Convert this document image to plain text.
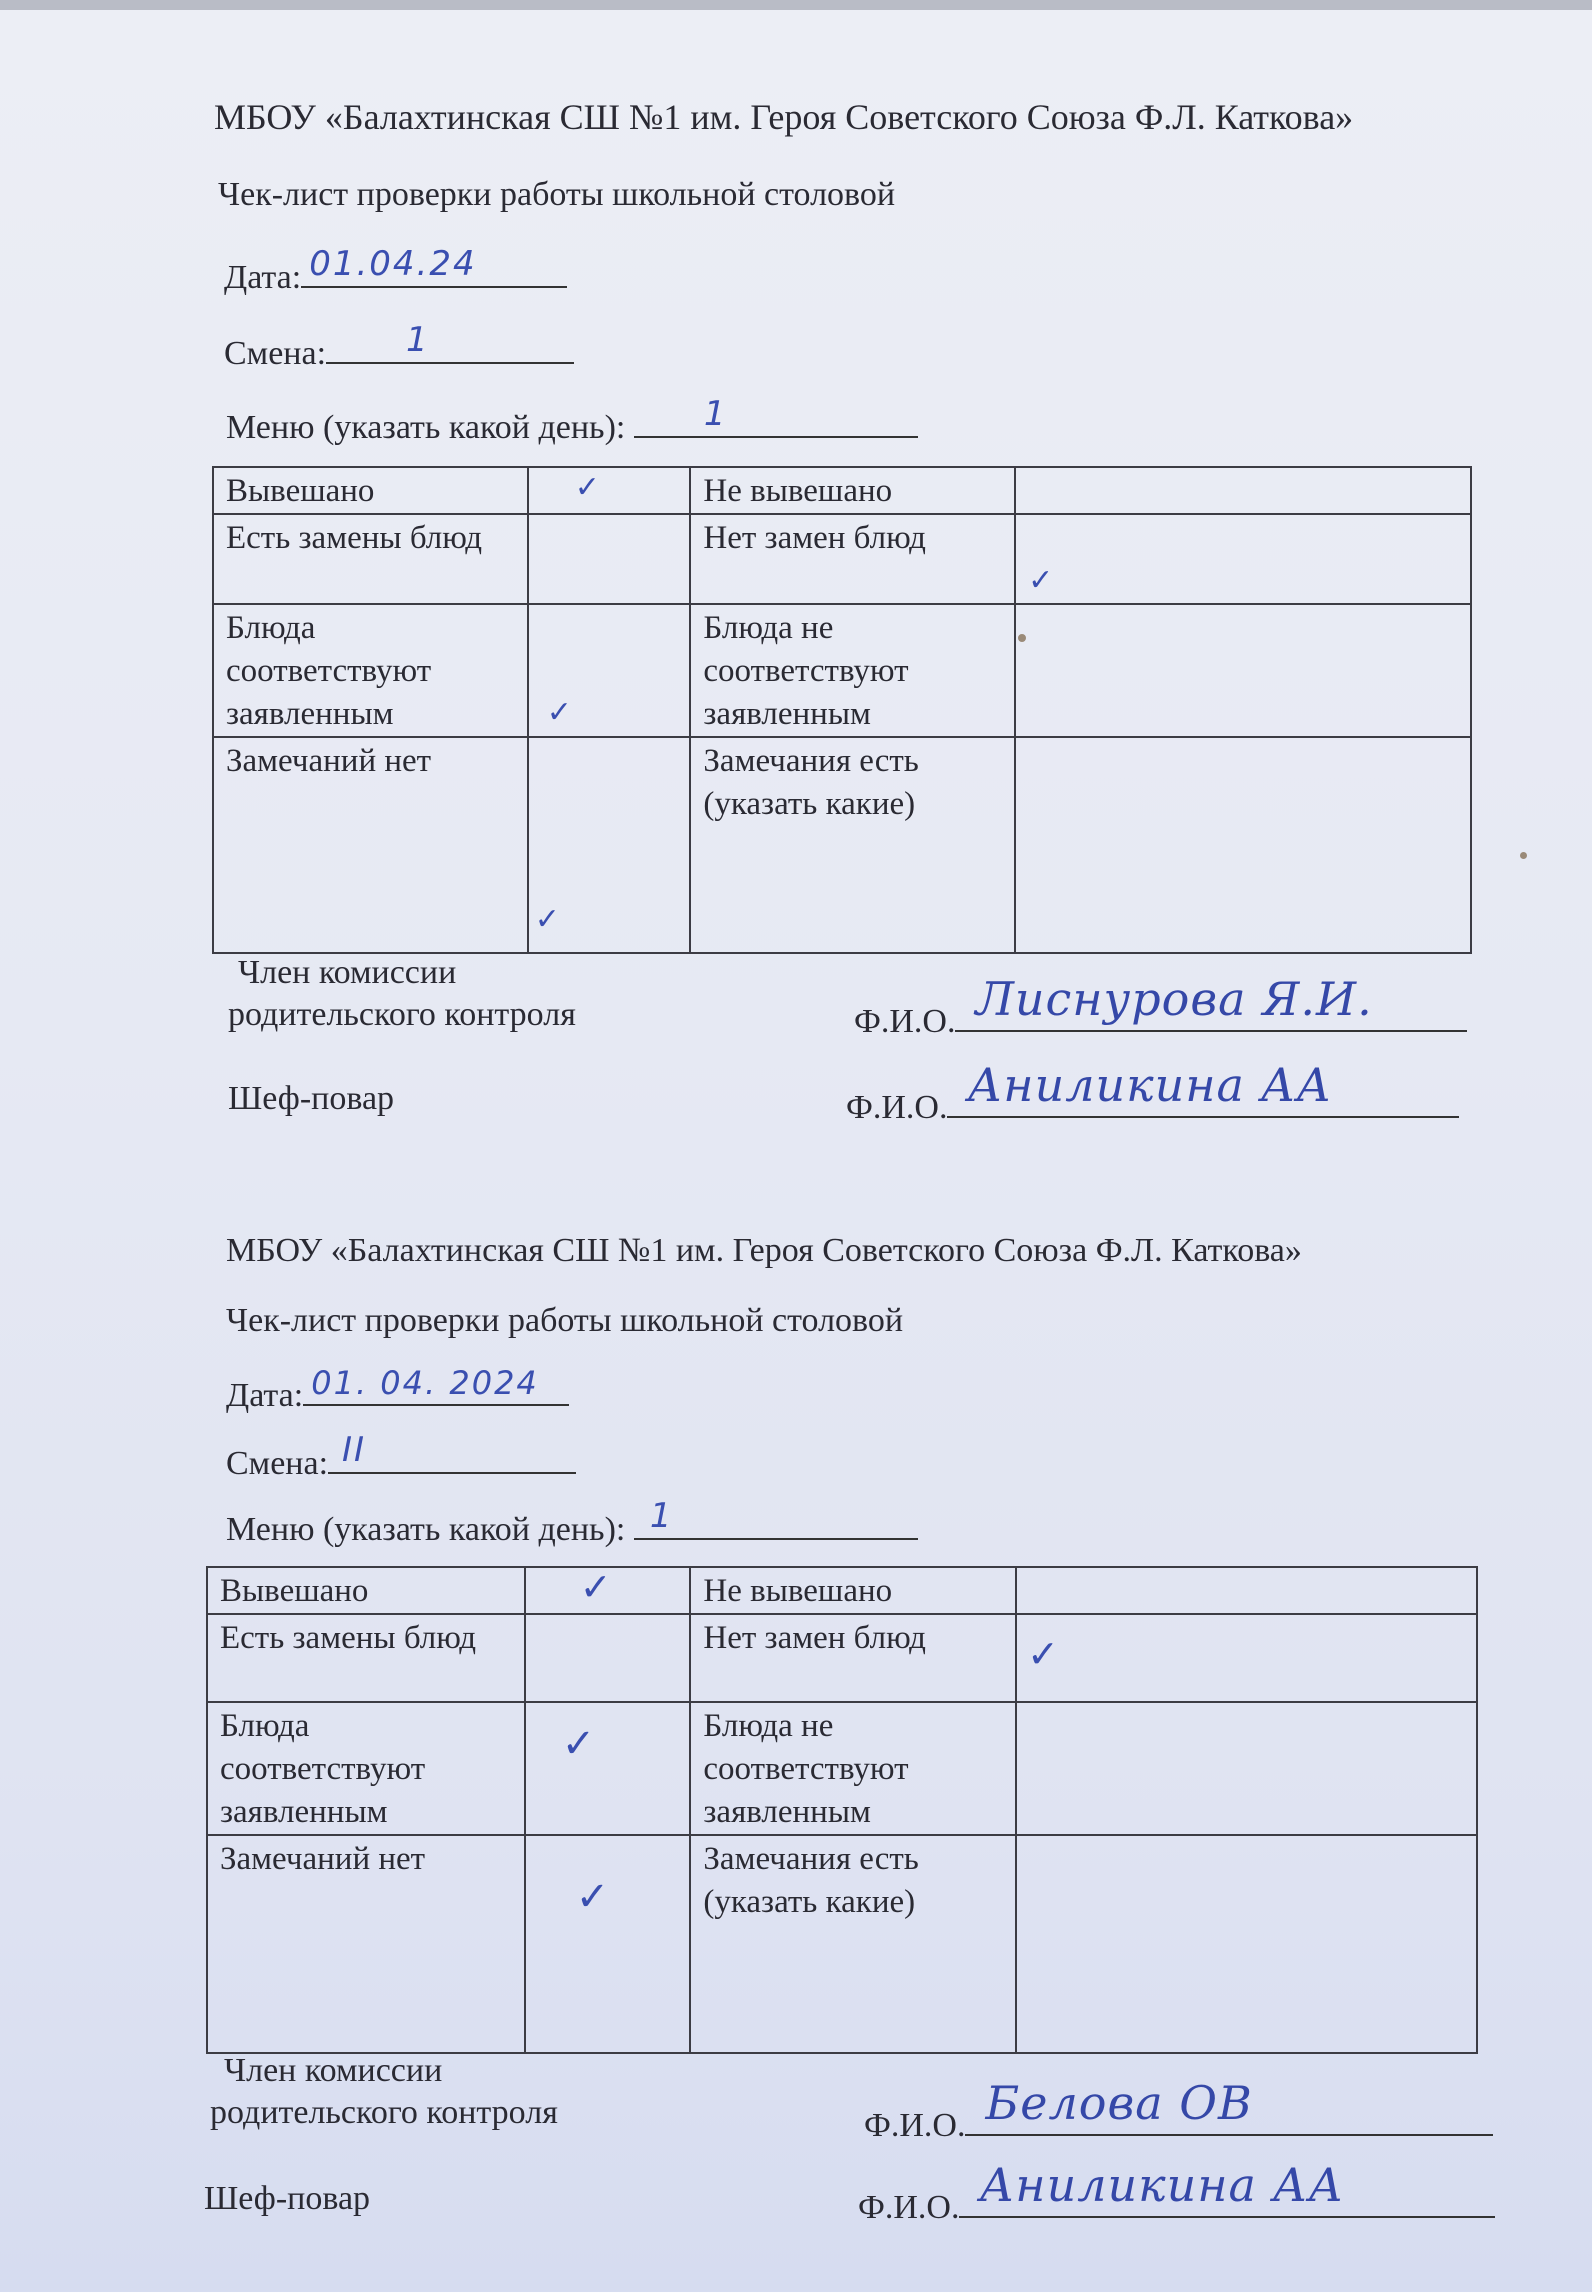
МБОУ «Балахтинская СШ №1 им. Героя Советского Союза Ф.Л. Каткова»
Чек-лист проверки работы школьной столовой
Дата: 01.04.24
Смена: 1
Меню (указать какой день): 1
Вывешано	✓	Не вывешано	

Есть замены блюд		Нет замен блюд	✓

Блюда соответствуют заявленным	✓	Блюда не соответствуют заявленным	

Замечаний нет	✓	Замечания есть (указать какие)	
Член комиссии родительского контроля	Ф.И.О. Лиснурова Я.И.
Шеф-повар	Ф.И.О. Аниликина АА
МБОУ «Балахтинская СШ №1 им. Героя Советского Союза Ф.Л. Каткова»
Чек-лист проверки работы школьной столовой
Дата: 01. 04. 2024
Смена: II
Меню (указать какой день): 1
Вывешано	✓	Не вывешано	

Есть замены блюд		Нет замен блюд	✓

Блюда соответствуют заявленным	✓	Блюда не соответствуют заявленным	

Замечаний нет	✓	Замечания есть (указать какие)	
Член комиссии родительского контроля	Ф.И.О. Белова ОВ
Шеф-повар	Ф.И.О. Аниликина АА
